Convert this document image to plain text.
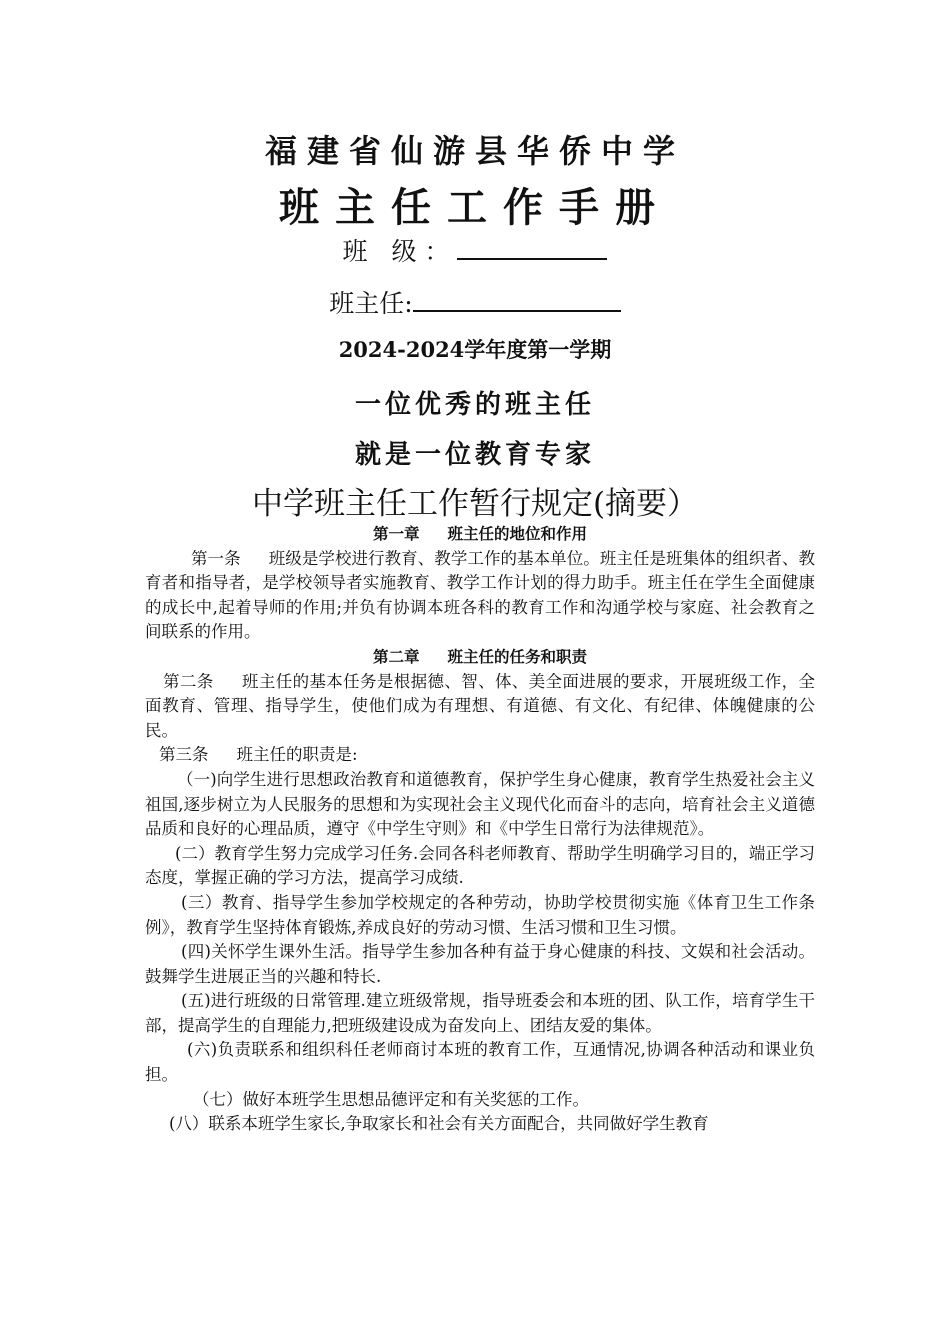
福建省仙游县华侨中学
班主任工作手册
班 级：
班主任:
2024-2024学年度第一学期
一位优秀的班主任
就是一位教育专家
中学班主任工作暂行规定(摘要）

第一章 班主任的地位和作用

第一条 班级是学校进行教育、教学工作的基本单位。班主任是班集体的组织者、教育者和指导者，是学校领导者实施教育、教学工作计划的得力助手。班主任在学生全面健康的成长中,起着导师的作用;并负有协调本班各科的教育工作和沟通学校与家庭、社会教育之间联系的作用。

第二章 班主任的任务和职责

第二条 班主任的基本任务是根据德、智、体、美全面进展的要求，开展班级工作，全面教育、管理、指导学生，使他们成为有理想、有道德、有文化、有纪律、体魄健康的公民。

第三条 班主任的职责是:

（一)向学生进行思想政治教育和道德教育，保护学生身心健康，教育学生热爱社会主义祖国,逐步树立为人民服务的思想和为实现社会主义现代化而奋斗的志向，培育社会主义道德品质和良好的心理品质，遵守《中学生守则》和《中学生日常行为法律规范》。

(二）教育学生努力完成学习任务.会同各科老师教育、帮助学生明确学习目的，端正学习态度，掌握正确的学习方法，提高学习成绩.

(三）教育、指导学生参加学校规定的各种劳动，协助学校贯彻实施《体育卫生工作条例》，教育学生坚持体育锻炼,养成良好的劳动习惯、生活习惯和卫生习惯。

(四)关怀学生课外生活。指导学生参加各种有益于身心健康的科技、文娱和社会活动。鼓舞学生进展正当的兴趣和特长.

(五)进行班级的日常管理.建立班级常规，指导班委会和本班的团、队工作，培育学生干部，提高学生的自理能力,把班级建设成为奋发向上、团结友爱的集体。

(六)负责联系和组织科任老师商讨本班的教育工作，互通情况,协调各种活动和课业负担。

（七）做好本班学生思想品德评定和有关奖惩的工作。

(八）联系本班学生家长,争取家长和社会有关方面配合，共同做好学生教育
